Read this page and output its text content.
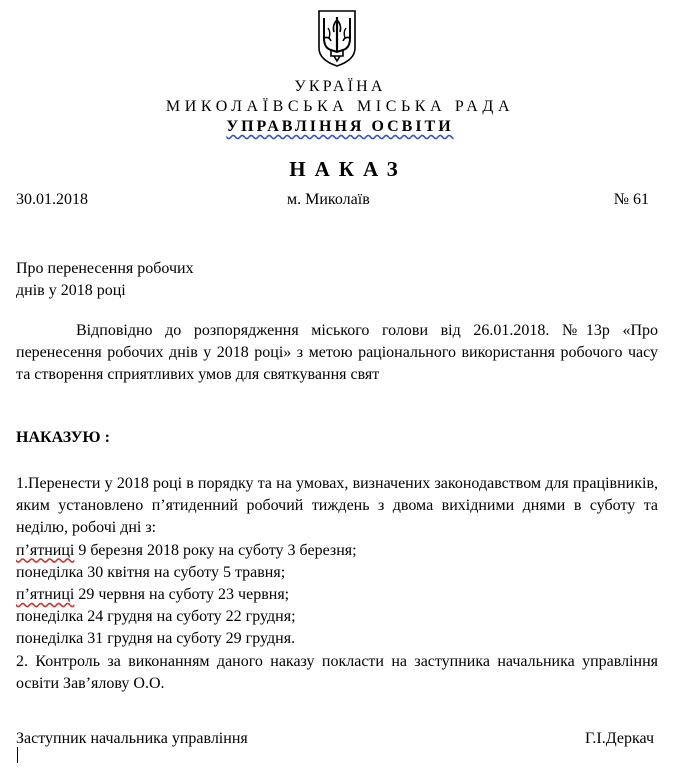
УКРАЇНА
МИКОЛАЇВСЬКА МІСЬКА РАДА
УПРАВЛІННЯ ОСВІТИ
НАКАЗ
30.01.2018	м. Миколаїв	№ 61
Про перенесення робочих
днів у 2018 році
Відповідно до розпорядження міського голови від 26.01.2018. №13р «Про перенесення робочих днів у 2018 році» з метою раціонального використання робочого часу та створення сприятливих умов для святкування свят
НАКАЗУЮ :

1.Перенести у 2018 році в порядку та на умовах, визначених законодавством для працівників, яким установлено п’ятиденний робочий тиждень з двома вихідними днями в суботу та неділю, робочі дні з:

п’ятниці 9 березня 2018 року на суботу 3 березня;

понеділка 30 квітня на суботу 5 травня;

п’ятниці 29 червня на суботу 23 червня;

понеділка 24 грудня на суботу 22 грудня;

понеділка 31 грудня на суботу 29 грудня.

2. Контроль за виконанням даного наказу покласти на заступника начальника управління освіти Зав’ялову О.О.

Заступник начальника управління	Г.І.Деркач
